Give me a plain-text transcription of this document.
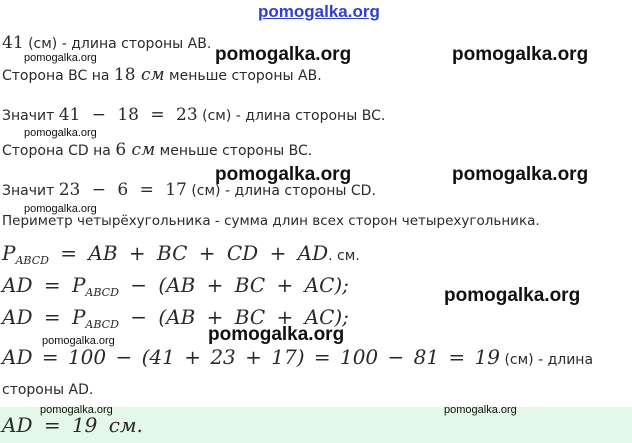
pomogalka.org
41 (см) - длина стороны AB.
pomogalka.org
Сторона BC на 18 см меньше стороны AB.
Значит 41 − 18 = 23 (см) - длина стороны BC.
pomogalka.org
Сторона CD на 6 см меньше стороны BC.
Значит 23 − 6 = 17 (см) - длина стороны CD.
pomogalka.org
Периметр четырёхугольника - сумма длин всех сторон четырехугольника.
$P_{ABCD}$ = AB + BC + CD + AD. см.
AD = $P_{ABCD} - (AB$ + BC + AC);
AD = $P_{ABCD} - (AB$ + BC + AC);
pomogalka.org
AD = 100 − (41 + 23 + 17) = 100 − 81 = 19 (см) - длина
стороны AD.
pomogalka.org	pomogalka.org
AD = 19 см.
pomogalka.org	pomogalka.org
pomogalka.org	pomogalka.org
pomogalka.org
pomogalka.org
